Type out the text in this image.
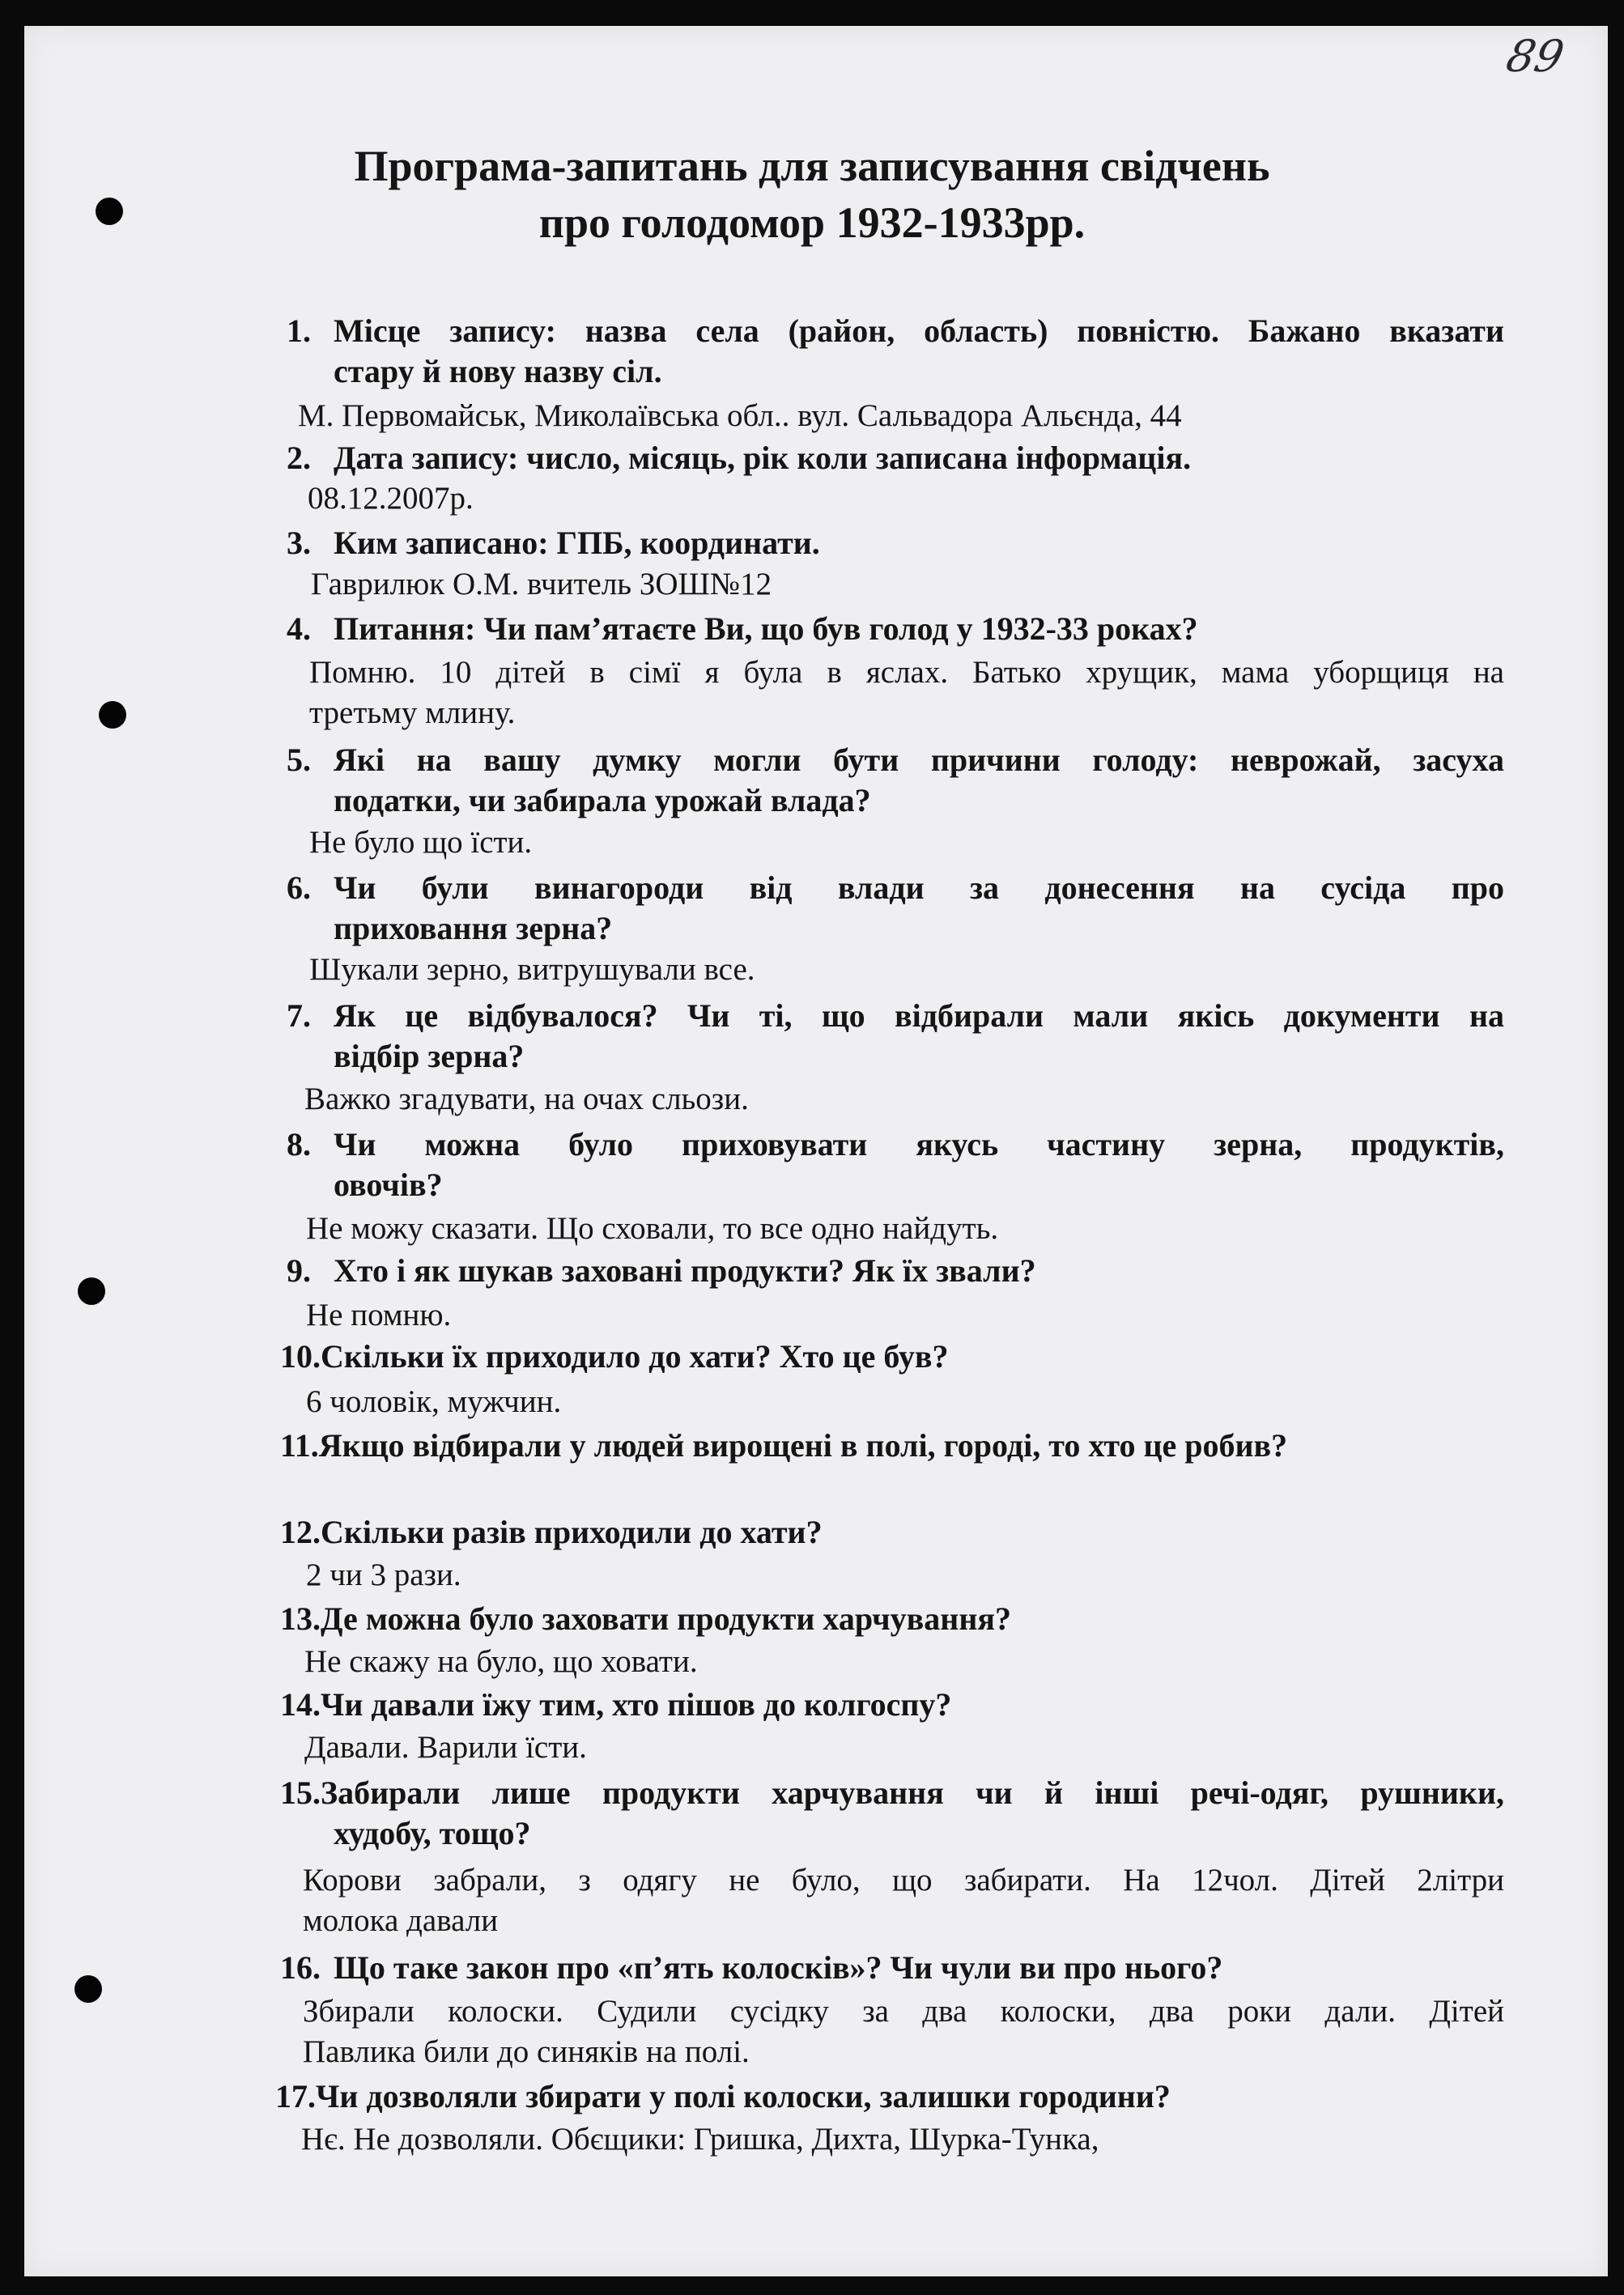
89
Програма-запитань для записування свідчень
про голодомор 1932-1933рр.
1. Місце запису: назва села (район, область) повністю. Бажано вказати
стару й нову назву сіл.
М. Первомайськ, Миколаївська обл.. вул. Сальвадора Альєнда, 44
2. Дата запису: число, місяць, рік коли записана інформація.
08.12.2007р.
3. Ким записано: ГПБ, координати.
Гаврилюк О.М. вчитель ЗОШ№12
4. Питання: Чи пам’ятаєте Ви, що був голод у 1932-33 роках?
Помню. 10 дітей в сімї я була в яслах. Батько хрущик, мама уборщиця на
третьму млину.
5. Які на вашу думку могли бути причини голоду: неврожай, засуха
податки, чи забирала урожай влада?
Не було що їсти.
6. Чи були винагороди від влади за донесення на сусіда про
приховання зерна?
Шукали зерно, витрушували все.
7. Як це відбувалося? Чи ті, що відбирали мали якісь документи на
відбір зерна?
Важко згадувати, на очах сльози.
8. Чи можна було приховувати якусь частину зерна, продуктів,
овочів?
Не можу сказати. Що сховали, то все одно найдуть.
9. Хто і як шукав заховані продукти? Як їх звали?
Не помню.
10.Скільки їх приходило до хати? Хто це був?
6 чоловік, мужчин.
11.Якщо відбирали у людей вирощені в полі, городі, то хто це робив?
12.Скільки разів приходили до хати?
2 чи 3 рази.
13.Де можна було заховати продукти харчування?
Не скажу на було, що ховати.
14.Чи давали їжу тим, хто пішов до колгоспу?
Давали. Варили їсти.
15.Забирали лише продукти харчування чи й інші речі-одяг, рушники,
худобу, тощо?
Корови забрали, з одягу не було, що забирати. На 12чол. Дітей 2літри
молока давали
16. Що таке закон про «п’ять колосків»? Чи чули ви про нього?
Збирали колоски. Судили сусідку за два колоски, два роки дали. Дітей
Павлика били до синяків на полі.
17.Чи дозволяли збирати у полі колоски, залишки городини?
Нє. Не дозволяли. Обєщики: Гришка, Дихта, Шурка-Тунка,
